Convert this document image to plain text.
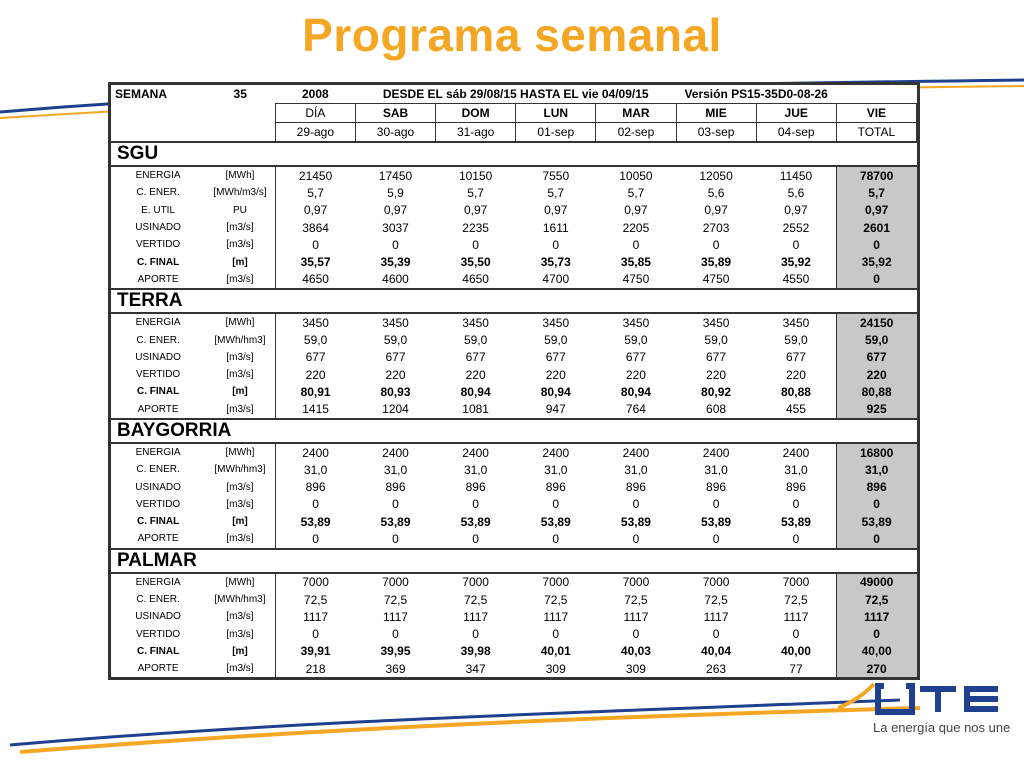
Programa semanal
SEMANA	35	2008	DESDE EL sáb 29/08/15 HASTA EL vie 04/09/15				Versión PS15-35D0-08-26		
		DÍA	SAB	DOM	LUN	MAR	MIE	JUE	VIE
		29-ago	30-ago	31-ago	01-sep	02-sep	03-sep	04-sep	TOTAL
SGU									
ENERGIA	[MWh]	21450	17450	10150	7550	10050	12050	11450	78700
C. ENER.	[MWh/m3/s]	5,7	5,9	5,7	5,7	5,7	5,6	5,6	5,7
E. UTIL	PU	0,97	0,97	0,97	0,97	0,97	0,97	0,97	0,97
USINADO	[m3/s]	3864	3037	2235	1611	2205	2703	2552	2601
VERTIDO	[m3/s]	0	0	0	0	0	0	0	0
C. FINAL	[m]	35,57	35,39	35,50	35,73	35,85	35,89	35,92	35,92
APORTE	[m3/s]	4650	4600	4650	4700	4750	4750	4550	0
TERRA									
ENERGIA	[MWh]	3450	3450	3450	3450	3450	3450	3450	24150
C. ENER.	[MWh/hm3]	59,0	59,0	59,0	59,0	59,0	59,0	59,0	59,0
USINADO	[m3/s]	677	677	677	677	677	677	677	677
VERTIDO	[m3/s]	220	220	220	220	220	220	220	220
C. FINAL	[m]	80,91	80,93	80,94	80,94	80,94	80,92	80,88	80,88
APORTE	[m3/s]	1415	1204	1081	947	764	608	455	925
BAYGORRIA									
ENERGIA	[MWh]	2400	2400	2400	2400	2400	2400	2400	16800
C. ENER.	[MWh/hm3]	31,0	31,0	31,0	31,0	31,0	31,0	31,0	31,0
USINADO	[m3/s]	896	896	896	896	896	896	896	896
VERTIDO	[m3/s]	0	0	0	0	0	0	0	0
C. FINAL	[m]	53,89	53,89	53,89	53,89	53,89	53,89	53,89	53,89
APORTE	[m3/s]	0	0	0	0	0	0	0	0
PALMAR									
ENERGIA	[MWh]	7000	7000	7000	7000	7000	7000	7000	49000
C. ENER.	[MWh/hm3]	72,5	72,5	72,5	72,5	72,5	72,5	72,5	72,5
USINADO	[m3/s]	1117	1117	1117	1117	1117	1117	1117	1117
VERTIDO	[m3/s]	0	0	0	0	0	0	0	0
C. FINAL	[m]	39,91	39,95	39,98	40,01	40,03	40,04	40,00	40,00
APORTE	[m3/s]	218	369	347	309	309	263	77	270
La energía que nos une
